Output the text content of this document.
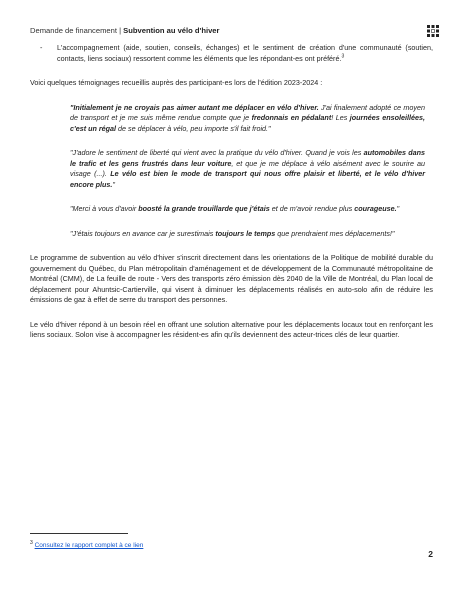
Demande de financement | Subvention au vélo d'hiver
- L'accompagnement (aide, soutien, conseils, échanges) et le sentiment de création d'une communauté (soutien, contacts, liens sociaux) ressortent comme les éléments que les répondant-es ont préféré.$^3$

Voici quelques témoignages recueillis auprès des participant-es lors de l'édition 2023-2024 :

"Initialement je ne croyais pas aimer autant me déplacer en vélo d'hiver. J'ai finalement adopté ce moyen de transport et je me suis même rendue compte que je fredonnais en pédalant! Les journées ensoleillées, c'est un régal de se déplacer à vélo, peu importe s'il fait froid."
"J'adore le sentiment de liberté qui vient avec la pratique du vélo d'hiver. Quand je vois les automobiles dans le trafic et les gens frustrés dans leur voiture, et que je me déplace à vélo aisément avec le sourire au visage (...). Le vélo est bien le mode de transport qui nous offre plaisir et liberté, et le vélo d'hiver encore plus."
"Merci à vous d'avoir boosté la grande trouillarde que j'étais et de m'avoir rendue plus courageuse."
"J'étais toujours en avance car je surestimais toujours le temps que prendraient mes déplacements!"

Le programme de subvention au vélo d'hiver s'inscrit directement dans les orientations de la Politique de mobilité durable du gouvernement du Québec, du Plan métropolitain d'aménagement et de développement de la Communauté métropolitaine de Montréal (CMM), de La feuille de route - Vers des transports zéro émission dès 2040 de la Ville de Montréal, du Plan local de déplacement pour Ahuntsic-Cartierville, qui visent à diminuer les déplacements réalisés en auto-solo afin de réduire les émissions de gaz à effet de serre du transport des personnes.

Le vélo d'hiver répond à un besoin réel en offrant une solution alternative pour les déplacements locaux tout en renforçant les liens sociaux. Solon vise à accompagner les résident-es afin qu'ils deviennent des acteur-trices clés de leur quartier.

$^3$ Consultez le rapport complet à ce lien
2
